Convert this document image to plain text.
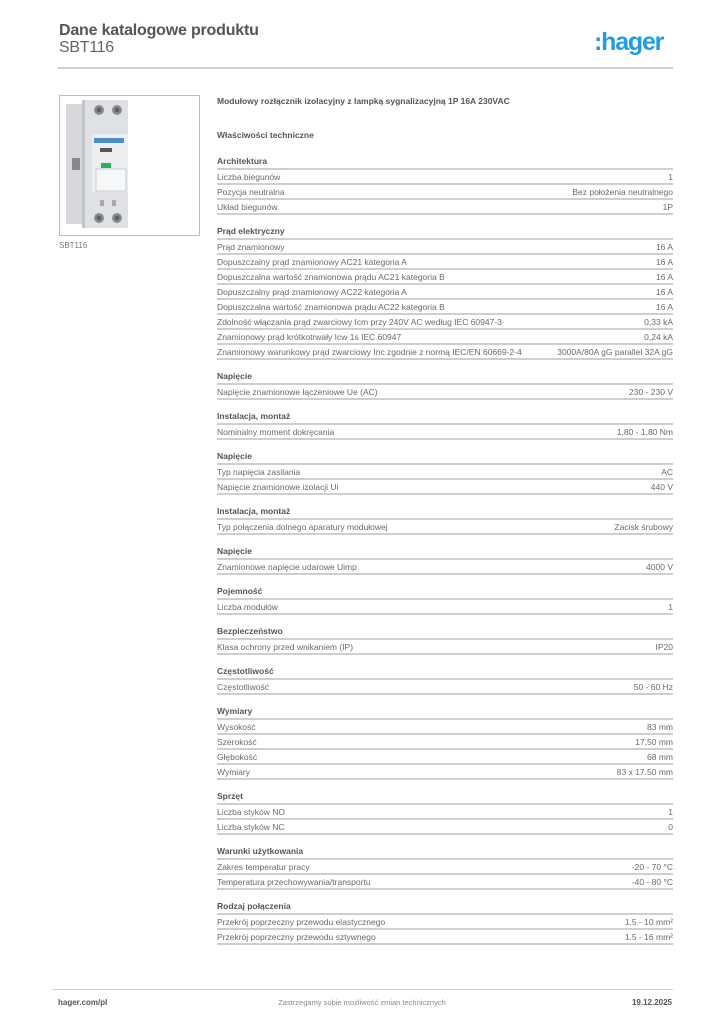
Dane katalogowe produktu
SBT116	:hager
SBT116
Modułowy rozłącznik izolacyjny z lampką sygnalizacyjną 1P 16A 230VAC
Właściwości techniczne
Architektura
Liczba biegunów	1
Pozycja neutralna	Bez położenia neutralnego
Układ biegunów	1P
Prąd elektryczny
Prąd znamionowy	16 A
Dopuszczalny prąd znamionowy AC21 kategoria A	16 A
Dopuszczalna wartość znamionowa prądu AC21 kategoria B	16 A
Dopuszczalny prąd znamionowy AC22 kategoria A	16 A
Dopuszczalna wartość znamionowa prądu AC22 kategoria B	16 A
Zdolność włączania prąd zwarciowy Icm przy 240V AC według IEC 60947-3	0,33 kA
Znamionowy prąd krótkotrwały Icw 1s IEC 60947	0,24 kA
Znamionowy warunkowy prąd zwarciowy Inc zgodnie z normą IEC/EN 60669-2-4	3000A/80A gG parallel 32A gG
Napięcie
Napięcie znamionowe łączeniowe Ue (AC)	230 - 230 V
Instalacja, montaż
Nominalny moment dokręcania	1,80 - 1,80 Nm
Napięcie
Typ napięcia zasilania	AC
Napięcie znamionowe izolacji Ui	440 V
Instalacja, montaż
Typ połączenia dolnego aparatury modułowej	Zacisk śrubowy
Napięcie
Znamionowe napięcie udarowe Uimp	4000 V
Pojemność
Liczba modułów	1
Bezpieczeństwo
Klasa ochrony przed wnikaniem (IP)	IP20
Częstotliwość
Częstotliwość	50 - 60 Hz
Wymiary
Wysokość	83 mm
Szerokość	17,50 mm
Głębokość	68 mm
Wymiary	83 x 17.50 mm
Sprzęt
Liczba styków NO	1
Liczba styków NC	0
Warunki użytkowania
Zakres temperatur pracy	-20 - 70 °C
Temperatura przechowywania/transportu	-40 - 80 °C
Rodzaj połączenia
Przekrój poprzeczny przewodu elastycznego	1.5 - 10 mm²
Przekrój poprzeczny przewodu sztywnego	1.5 - 16 mm²
hager.com/pl	Zastrzegamy sobie możliwość zmian technicznych	19.12.2025
